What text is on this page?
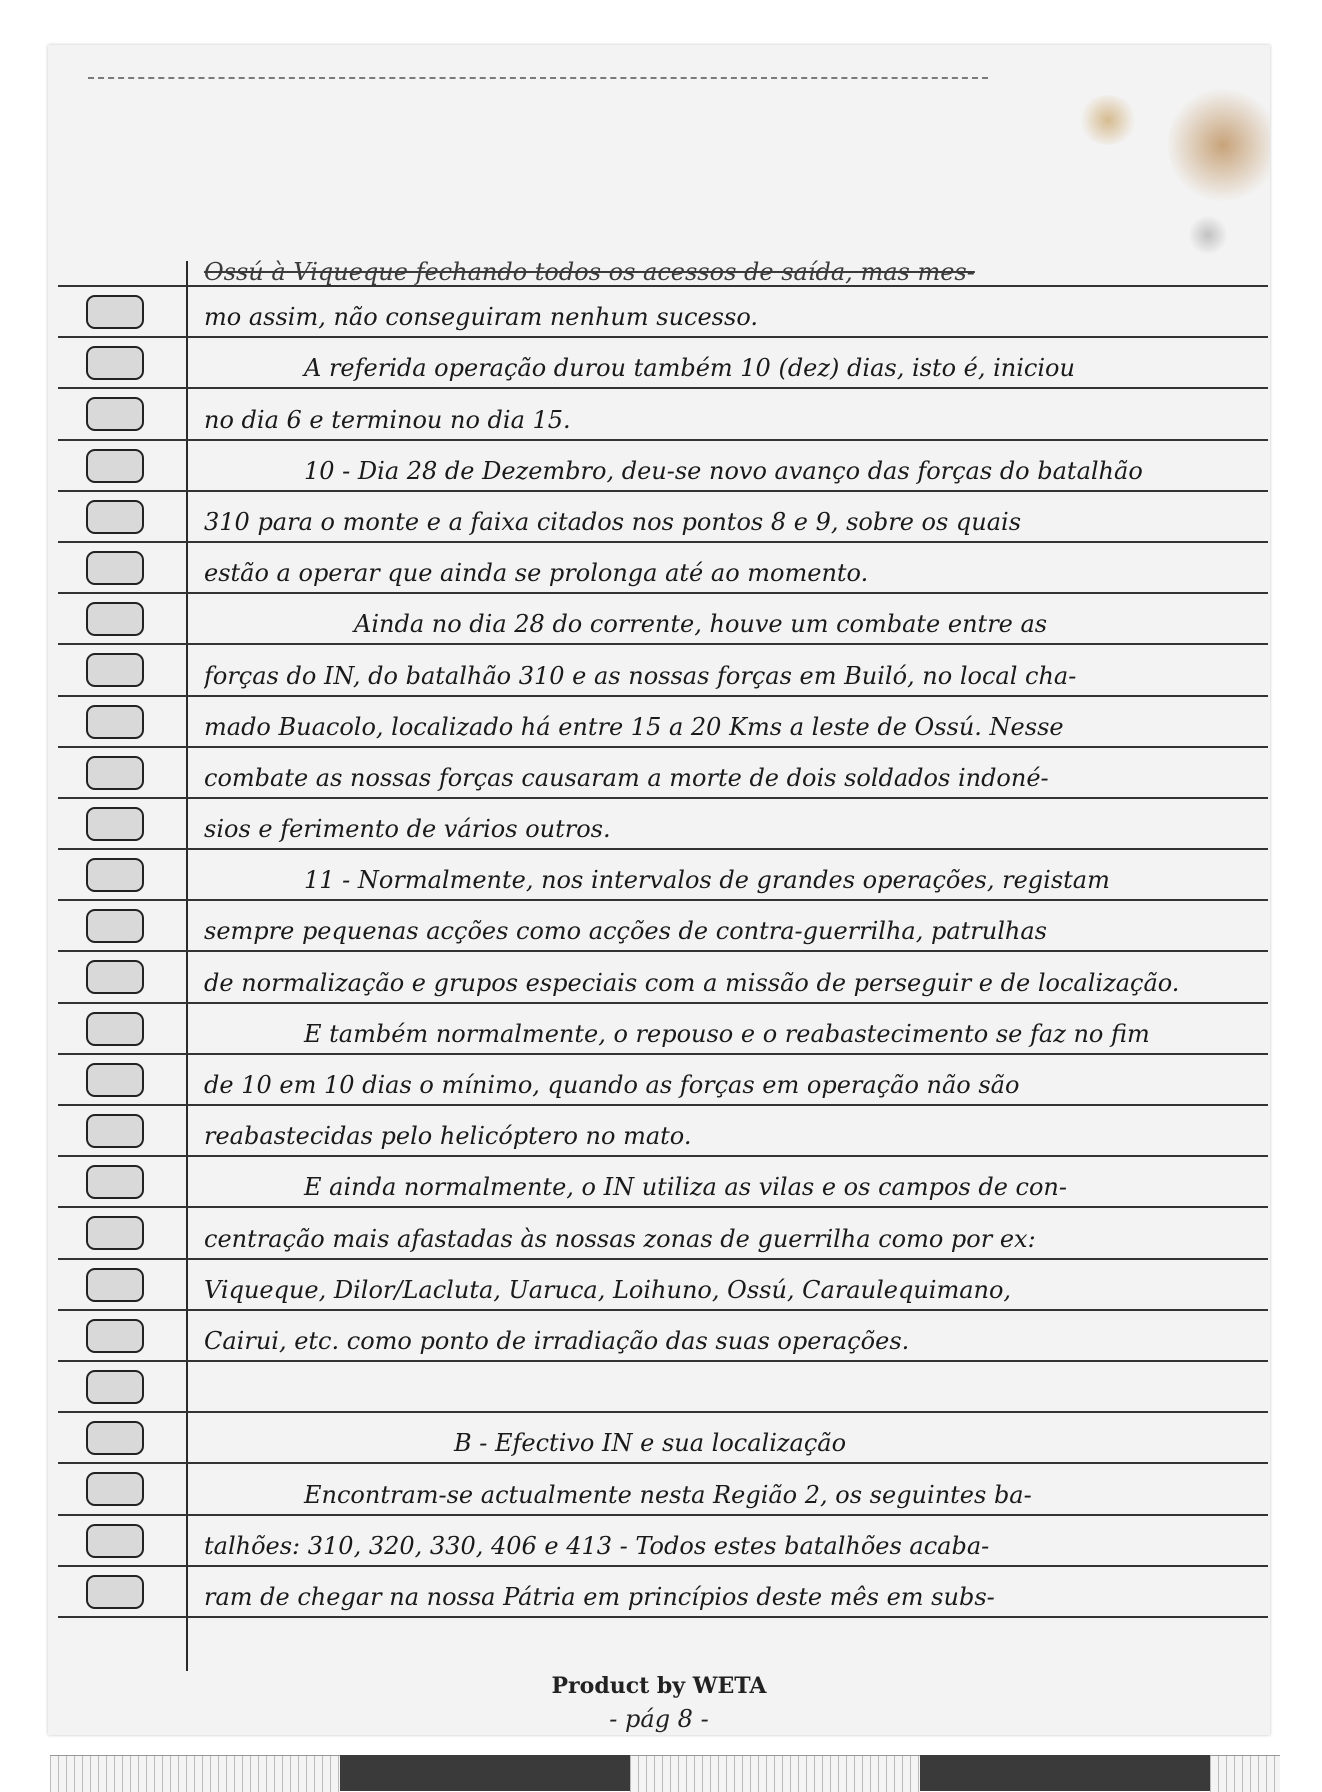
Ossú à Viqueque fechando todos os acessos de saída, mas mes-
mo assim, não conseguiram nenhum sucesso.
A referida operação durou também 10 (dez) dias, isto é, iniciou
no dia 6 e terminou no dia 15.
10 - Dia 28 de Dezembro, deu-se novo avanço das forças do batalhão
310 para o monte e a faixa citados nos pontos 8 e 9, sobre os quais
estão a operar que ainda se prolonga até ao momento.
Ainda no dia 28 do corrente, houve um combate entre as
forças do IN, do batalhão 310 e as nossas forças em Builó, no local cha-
mado Buacolo, localizado há entre 15 a 20 Kms a leste de Ossú. Nesse
combate as nossas forças causaram a morte de dois soldados indoné-
sios e ferimento de vários outros.
11 - Normalmente, nos intervalos de grandes operações, registam
sempre pequenas acções como acções de contra-guerrilha, patrulhas
de normalização e grupos especiais com a missão de perseguir e de localização.
E também normalmente, o repouso e o reabastecimento se faz no fim
de 10 em 10 dias o mínimo, quando as forças em operação não são
reabastecidas pelo helicóptero no mato.
E ainda normalmente, o IN utiliza as vilas e os campos de con-
centração mais afastadas às nossas zonas de guerrilha como por ex:
Viqueque, Dilor/Lacluta, Uaruca, Loihuno, Ossú, Caraulequimano,
Cairui, etc. como ponto de irradiação das suas operações.
B - Efectivo IN e sua localização
Encontram-se actualmente nesta Região 2, os seguintes ba-
talhões: 310, 320, 330, 406 e 413 - Todos estes batalhões acaba-
ram de chegar na nossa Pátria em princípios deste mês em subs-
Product by WETA
- pág 8 -
